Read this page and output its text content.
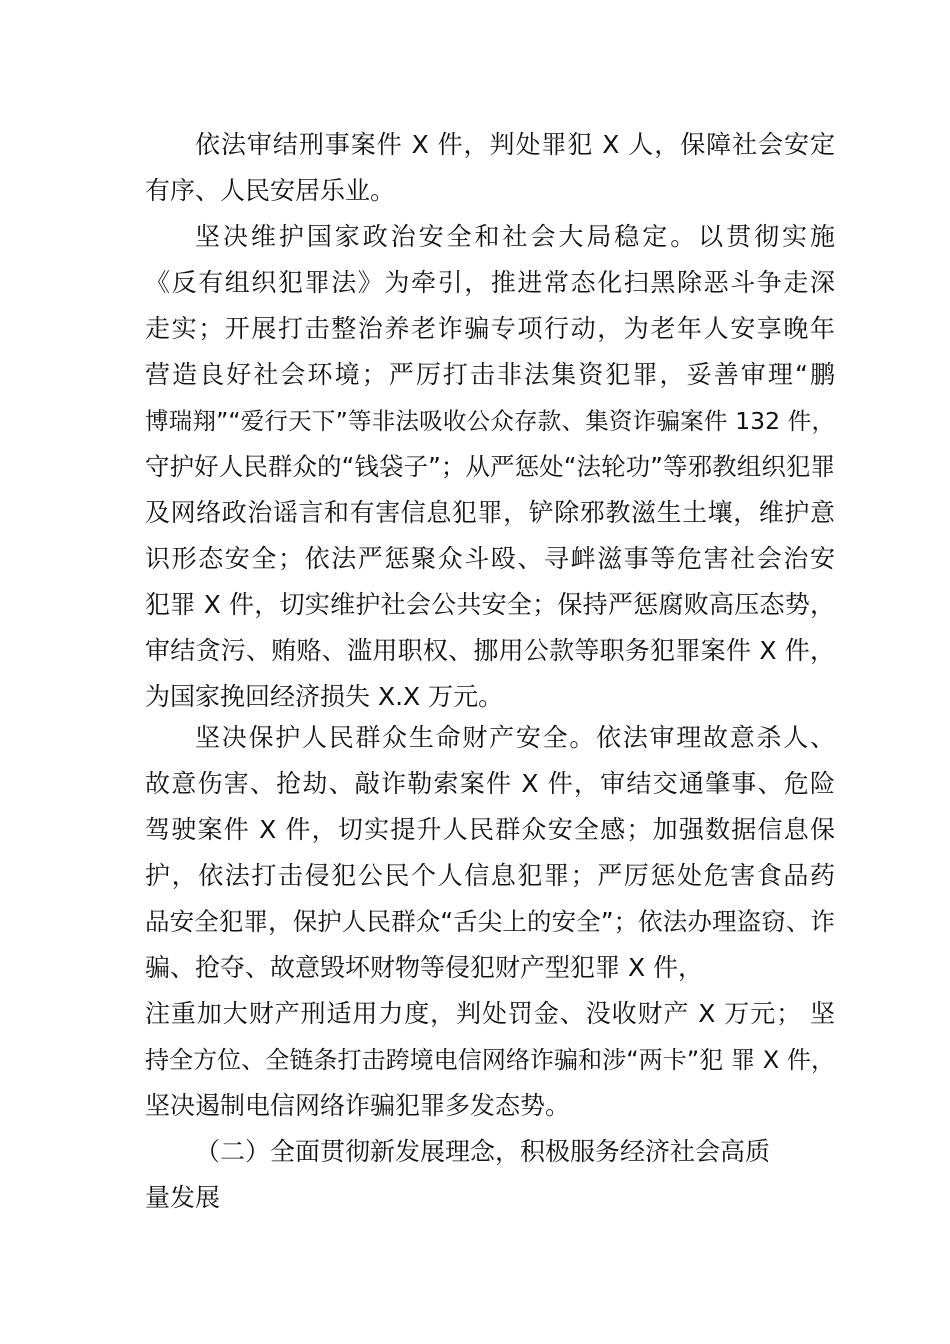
依法审结刑事案件 X 件，判处罪犯 X 人，保障社会安定
有序、人民安居乐业。
坚决维护国家政治安全和社会大局稳定。以贯彻实施
《反有组织犯罪法》为牵引，推进常态化扫黑除恶斗争走深
走实；开展打击整治养老诈骗专项行动，为老年人安享晚年
营造良好社会环境；严厉打击非法集资犯罪，妥善审理“鹏
博瑞翔”“爱行天下”等非法吸收公众存款、集资诈骗案件 132 件，
守护好人民群众的“钱袋子”；从严惩处“法轮功”等邪教组织犯罪
及网络政治谣言和有害信息犯罪，铲除邪教滋生土壤，维护意
识形态安全；依法严惩聚众斗殴、寻衅滋事等危害社会治安
犯罪 X 件，切实维护社会公共安全；保持严惩腐败高压态势，
审结贪污、贿赂、滥用职权、挪用公款等职务犯罪案件 X 件，
为国家挽回经济损失 X.X 万元。
坚决保护人民群众生命财产安全。依法审理故意杀人、
故意伤害、抢劫、敲诈勒索案件 X 件，审结交通肇事、危险
驾驶案件 X 件，切实提升人民群众安全感；加强数据信息保
护，依法打击侵犯公民个人信息犯罪；严厉惩处危害食品药
品安全犯罪，保护人民群众“舌尖上的安全”；依法办理盗窃、诈
骗、抢夺、故意毁坏财物等侵犯财产型犯罪 X 件，
注重加大财产刑适用力度，判处罚金、没收财产 X 万元； 坚
持全方位、全链条打击跨境电信网络诈骗和涉“两卡”犯 罪 X 件，
坚决遏制电信网络诈骗犯罪多发态势。
（二）全面贯彻新发展理念，积极服务经济社会高质
量发展
